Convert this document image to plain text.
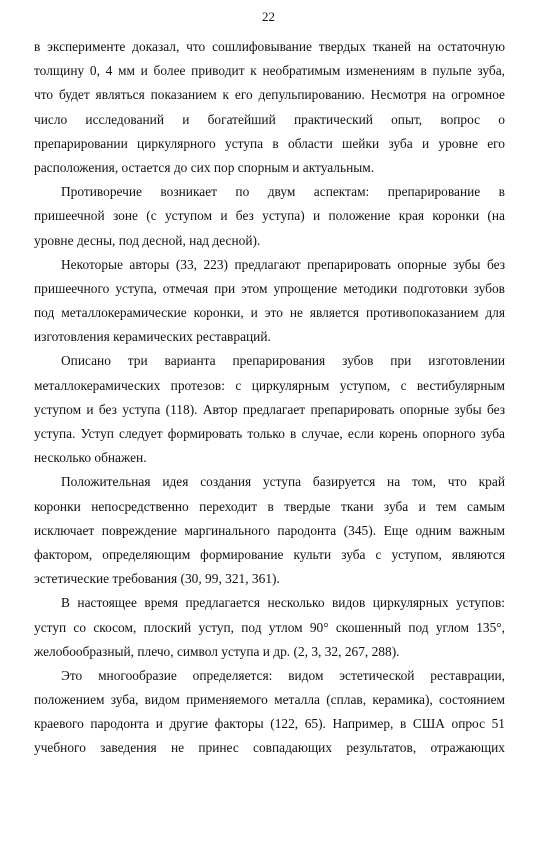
22
в эксперименте доказал, что сошлифовывание твердых тканей на остаточную
толщину 0, 4 мм и более приводит к необратимым изменениям в пульпе зуба,
что будет являться показанием к его депульпированию. Несмотря на огромное
число исследований и богатейший практический опыт, вопрос о
препарировании циркулярного уступа в области шейки зуба и уровне его
расположения, остается до сих пор спорным и актуальным.
Противоречие возникает по двум аспектам: препарирование в
пришеечной зоне (с уступом и без уступа) и положение края коронки (на
уровне десны, под десной, над десной).
Некоторые авторы (33, 223) предлагают препарировать опорные зубы без
пришеечного уступа, отмечая при этом упрощение методики подготовки зубов
под металлокерамические коронки, и это не является противопоказанием для
изготовления керамических реставраций.
Описано три варианта препарирования зубов при изготовлении
металлокерамических протезов: с циркулярным уступом, с вестибулярным
уступом и без уступа (118). Автор предлагает препарировать опорные зубы без
уступа. Уступ следует формировать только в случае, если корень опорного зуба
несколько обнажен.
Положительная идея создания уступа базируется на том, что край
коронки непосредственно переходит в твердые ткани зуба и тем самым
исключает повреждение маргинального пародонта (345). Еще одним важным
фактором, определяющим формирование культи зуба с уступом, являются
эстетические требования (30, 99, 321, 361).
В настоящее время предлагается несколько видов циркулярных уступов:
уступ со скосом, плоский уступ, под утлом 90° скошенный под углом 135°,
желобообразный, плечо, символ уступа и др. (2, 3, 32, 267, 288).
Это многообразие определяется: видом эстетической реставрации,
положением зуба, видом применяемого металла (сплав, керамика), состоянием
краевого пародонта и другие факторы (122, 65). Например, в США опрос 51
учебного заведения не принес совпадающих результатов, отражающих
